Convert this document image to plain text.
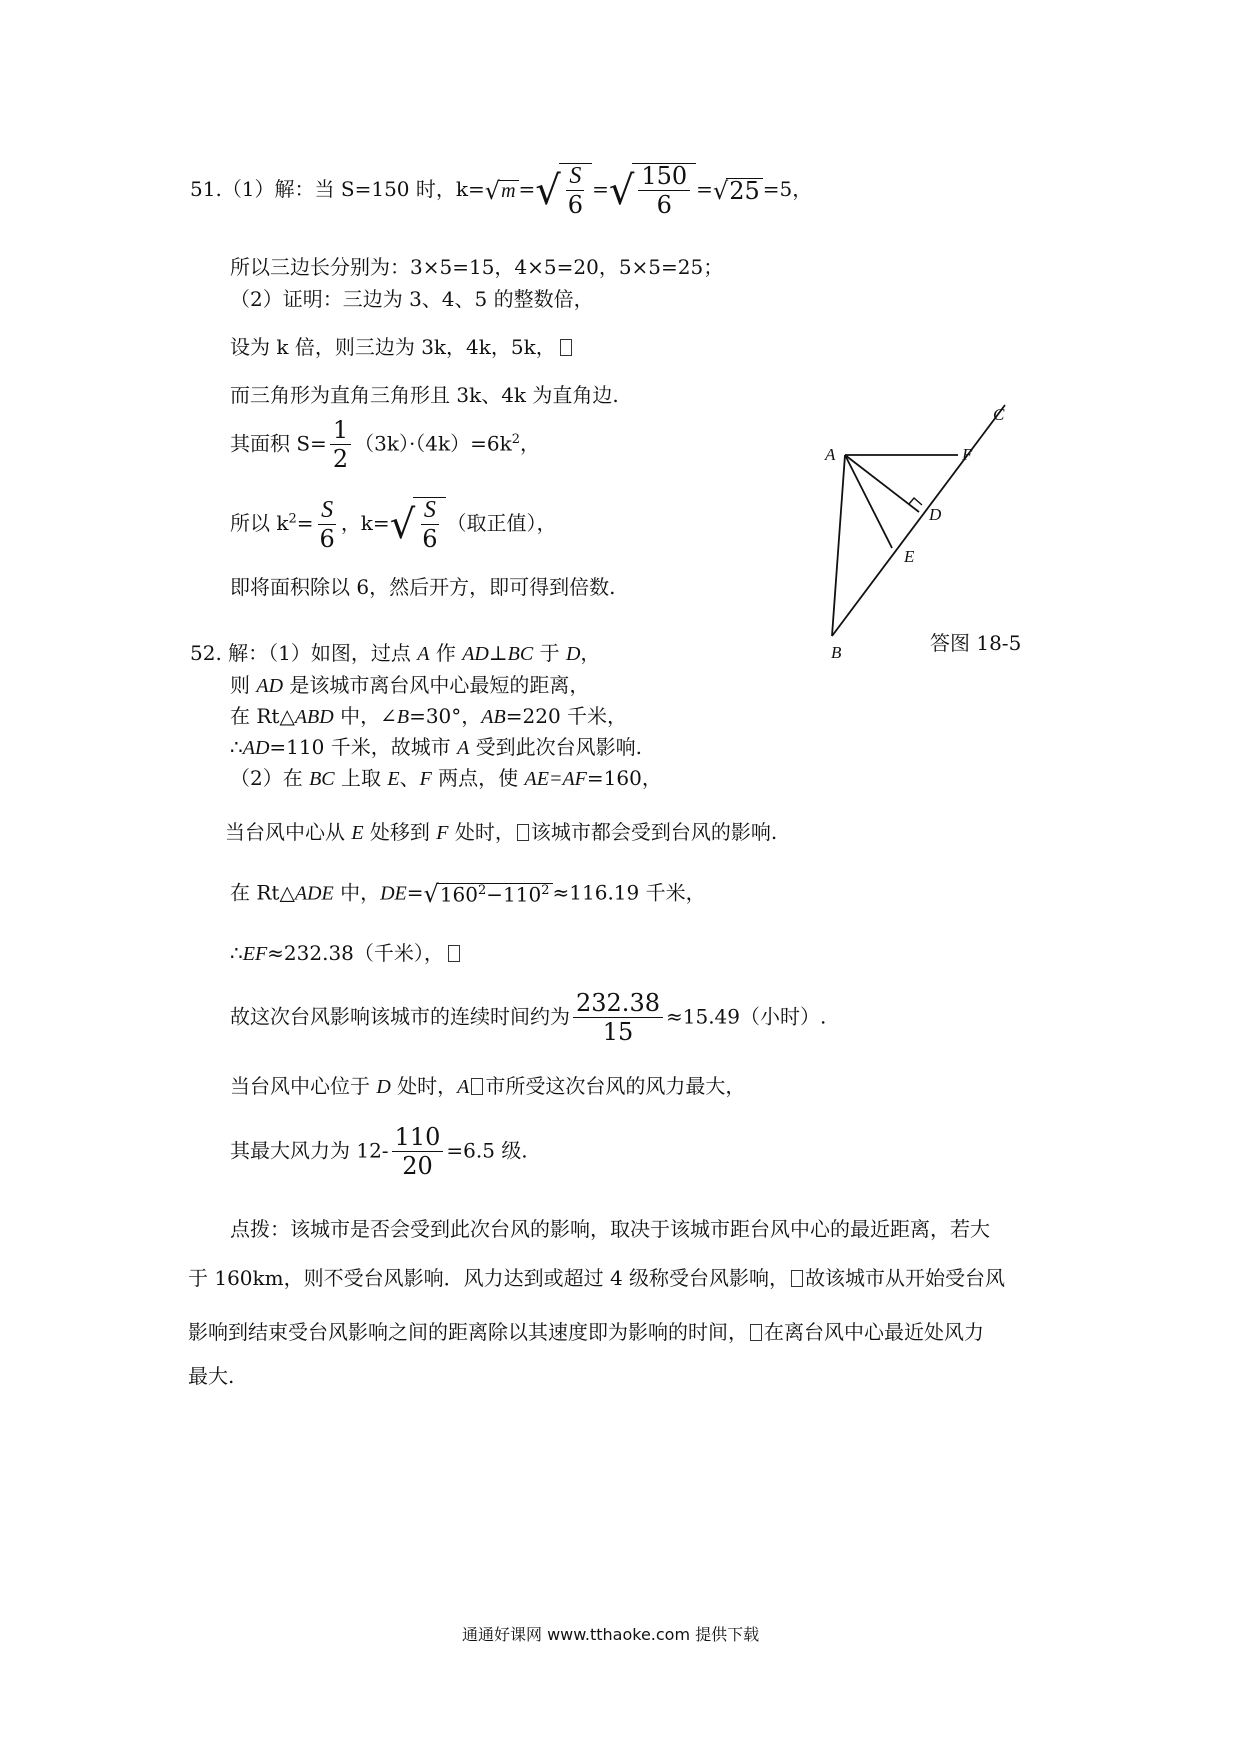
51.（1）解：当 S=150 时，k= √ m = √ $\frac{S}{6}$ = √ $\frac{150}{6}$ = √ 25 =5，
所以三边长分别为：3×5=15，4×5=20，5×5=25；
（2）证明：三边为 3、4、5 的整数倍，
设为 k 倍，则三边为 3k，4k，5k，
而三角形为直角三角形且 3k、4k 为直角边.
其面积 $S= \frac{1}{2} (3k)\cdot(4k)=6k^2$，
所以 $k^2= \frac{S}{6}$ ，k= √ $\frac{S}{6}$ （取正值），
即将面积除以 6，然后开方，即可得到倍数.
A
B
C
D
E
F
答图 18-5
52. 解：（1）如图，过点 A 作 AD⊥BC 于 D，
则 AD 是该城市离台风中心最短的距离，
在 Rt△ABD 中，∠B=30°，AB=220 千米，
∴AD=110 千米，故城市 A 受到此次台风影响.
（2）在 BC 上取 E、F 两点，使 AE=AF=160，
当台风中心从 E 处移到 F 处时， 该城市都会受到台风的影响.
在 Rt△ADE 中，DE= √ $160^2-110^2 \approx 116.19$ 千米，
∴EF≈232.38（千米），
故这次台风影响该城市的连续时间约为 $\frac{232.38}{15} \approx 15.49$（小时）.
当台风中心位于 D 处时，A 市所受这次台风的风力最大，
其最大风力为 $12- \frac{110}{20} =6.5$ 级.
点拨：该城市是否会受到此次台风的影响，取决于该城市距台风中心的最近距离，若大
于 160km，则不受台风影响．风力达到或超过 4 级称受台风影响， 故该城市从开始受台风
影响到结束受台风影响之间的距离除以其速度即为影响的时间， 在离台风中心最近处风力
最大.
通通好课网 www.tthaoke.com 提供下载
